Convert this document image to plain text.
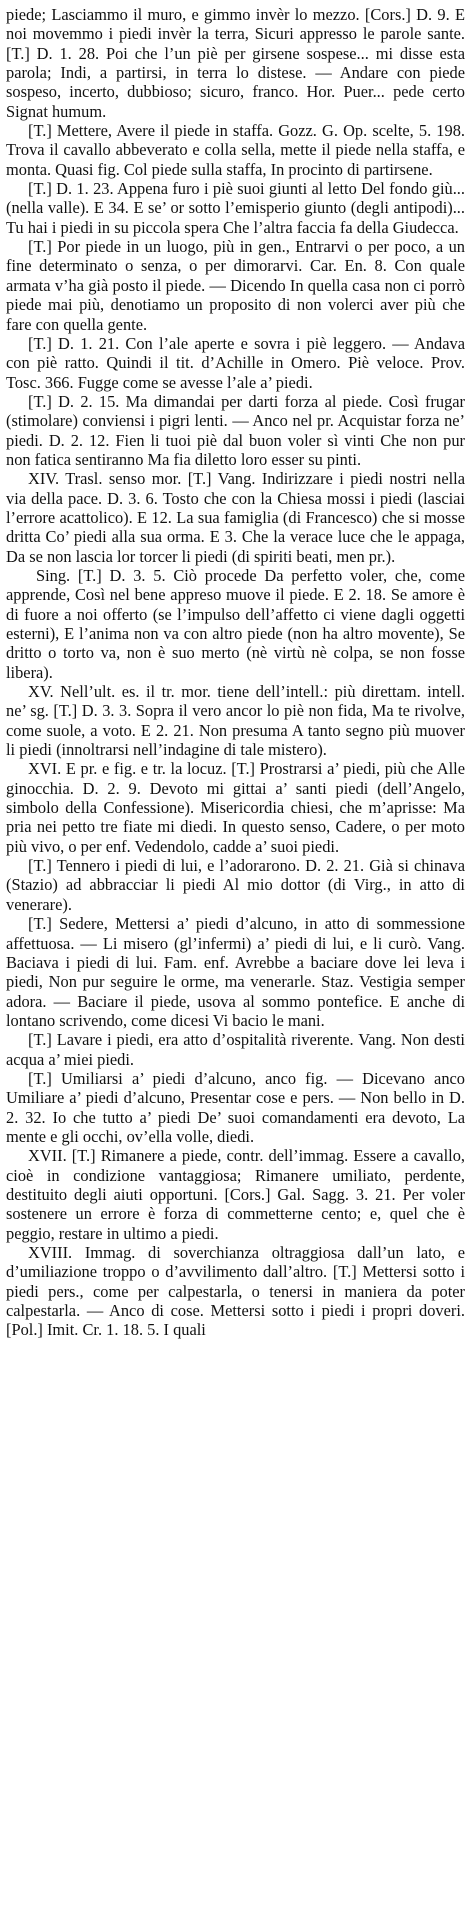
piede; Lasciammo il muro, e gimmo invèr lo mezzo. [Cors.] D. 9. E noi movemmo i piedi invèr la terra, Sicuri appresso le parole sante. [T.] D. 1. 28. Poi che l’un piè per girsene sospese... mi disse esta parola; Indi, a partirsi, in terra lo distese. — Andare con piede sospeso, incerto, dubbioso; sicuro, franco. Hor. Puer... pede certo Signat humum.

[T.] Mettere, Avere il piede in staffa. Gozz. G. Op. scelte, 5. 198. Trova il cavallo abbeverato e colla sella, mette il piede nella staffa, e monta. Quasi fig. Col piede sulla staffa, In procinto di partirsene.

[T.] D. 1. 23. Appena furo i piè suoi giunti al letto Del fondo giù... (nella valle). E 34. E se’ or sotto l’emisperio giunto (degli antipodi)... Tu hai i piedi in su piccola spera Che l’altra faccia fa della Giudecca.

[T.] Por piede in un luogo, più in gen., Entrarvi o per poco, a un fine determinato o senza, o per dimorarvi. Car. En. 8. Con quale armata v’ha già posto il piede. — Dicendo In quella casa non ci porrò piede mai più, denotiamo un proposito di non volerci aver più che fare con quella gente.

[T.] D. 1. 21. Con l’ale aperte e sovra i piè leggero. — Andava con piè ratto. Quindi il tit. d’Achille in Omero. Piè veloce. Prov. Tosc. 366. Fugge come se avesse l’ale a’ piedi.

[T.] D. 2. 15. Ma dimandai per darti forza al piede. Così frugar (stimolare) conviensi i pigri lenti. — Anco nel pr. Acquistar forza ne’ piedi. D. 2. 12. Fien li tuoi piè dal buon voler sì vinti Che non pur non fatica sentiranno Ma fia diletto loro esser su pinti.

XIV. Trasl. senso mor. [T.] Vang. Indirizzare i piedi nostri nella via della pace. D. 3. 6. Tosto che con la Chiesa mossi i piedi (lasciai l’errore acattolico). E 12. La sua famiglia (di Francesco) che si mosse dritta Co’ piedi alla sua orma. E 3. Che la verace luce che le appaga, Da se non lascia lor torcer li piedi (di spiriti beati, men pr.).

Sing. [T.] D. 3. 5. Ciò procede Da perfetto voler, che, come apprende, Così nel bene appreso muove il piede. E 2. 18. Se amore è di fuore a noi offerto (se l’impulso dell’affetto ci viene dagli oggetti esterni), E l’anima non va con altro piede (non ha altro movente), Se dritto o torto va, non è suo merto (nè virtù nè colpa, se non fosse libera).

XV. Nell’ult. es. il tr. mor. tiene dell’intell.: più direttam. intell. ne’ sg. [T.] D. 3. 3. Sopra il vero ancor lo piè non fida, Ma te rivolve, come suole, a voto. E 2. 21. Non presuma A tanto segno più muover li piedi (innoltrarsi nell’indagine di tale mistero).

XVI. E pr. e fig. e tr. la locuz. [T.] Prostrarsi a’ piedi, più che Alle ginocchia. D. 2. 9. Devoto mi gittai a’ santi piedi (dell’Angelo, simbolo della Confessione). Misericordia chiesi, che m’aprisse: Ma pria nei petto tre fiate mi diedi. In questo senso, Cadere, o per moto più vivo, o per enf. Vedendolo, cadde a’ suoi piedi.

[T.] Tennero i piedi di lui, e l’adorarono. D. 2. 21. Già si chinava (Stazio) ad abbracciar li piedi Al mio dottor (di Virg., in atto di venerare).

[T.] Sedere, Mettersi a’ piedi d’alcuno, in atto di sommessione affettuosa. — Li misero (gl’infermi) a’ piedi di lui, e li curò. Vang. Baciava i piedi di lui. Fam. enf. Avrebbe a baciare dove lei leva i piedi, Non pur seguire le orme, ma venerarle. Staz. Vestigia semper adora. — Baciare il piede, usova al sommo pontefice. E anche di lontano scrivendo, come dicesi Vi bacio le mani.

[T.] Lavare i piedi, era atto d’ospitalità riverente. Vang. Non desti acqua a’ miei piedi.

[T.] Umiliarsi a’ piedi d’alcuno, anco fig. — Dicevano anco Umiliare a’ piedi d’alcuno, Presentar cose e pers. — Non bello in D. 2. 32. Io che tutto a’ piedi De’ suoi comandamenti era devoto, La mente e gli occhi, ov’ella volle, diedi.

XVII. [T.] Rimanere a piede, contr. dell’immag. Essere a cavallo, cioè in condizione vantaggiosa; Rimanere umiliato, perdente, destituito degli aiuti opportuni. [Cors.] Gal. Sagg. 3. 21. Per voler sostenere un errore è forza di commetterne cento; e, quel che è peggio, restare in ultimo a piedi.

XVIII. Immag. di soverchianza oltraggiosa dall’un lato, e d’umiliazione troppo o d’avvilimento dall’altro. [T.] Mettersi sotto i piedi pers., come per calpestarla, o tenersi in maniera da poter calpestarla. — Anco di cose. Mettersi sotto i piedi i propri doveri. [Pol.] Imit. Cr. 1. 18. 5. I quali
